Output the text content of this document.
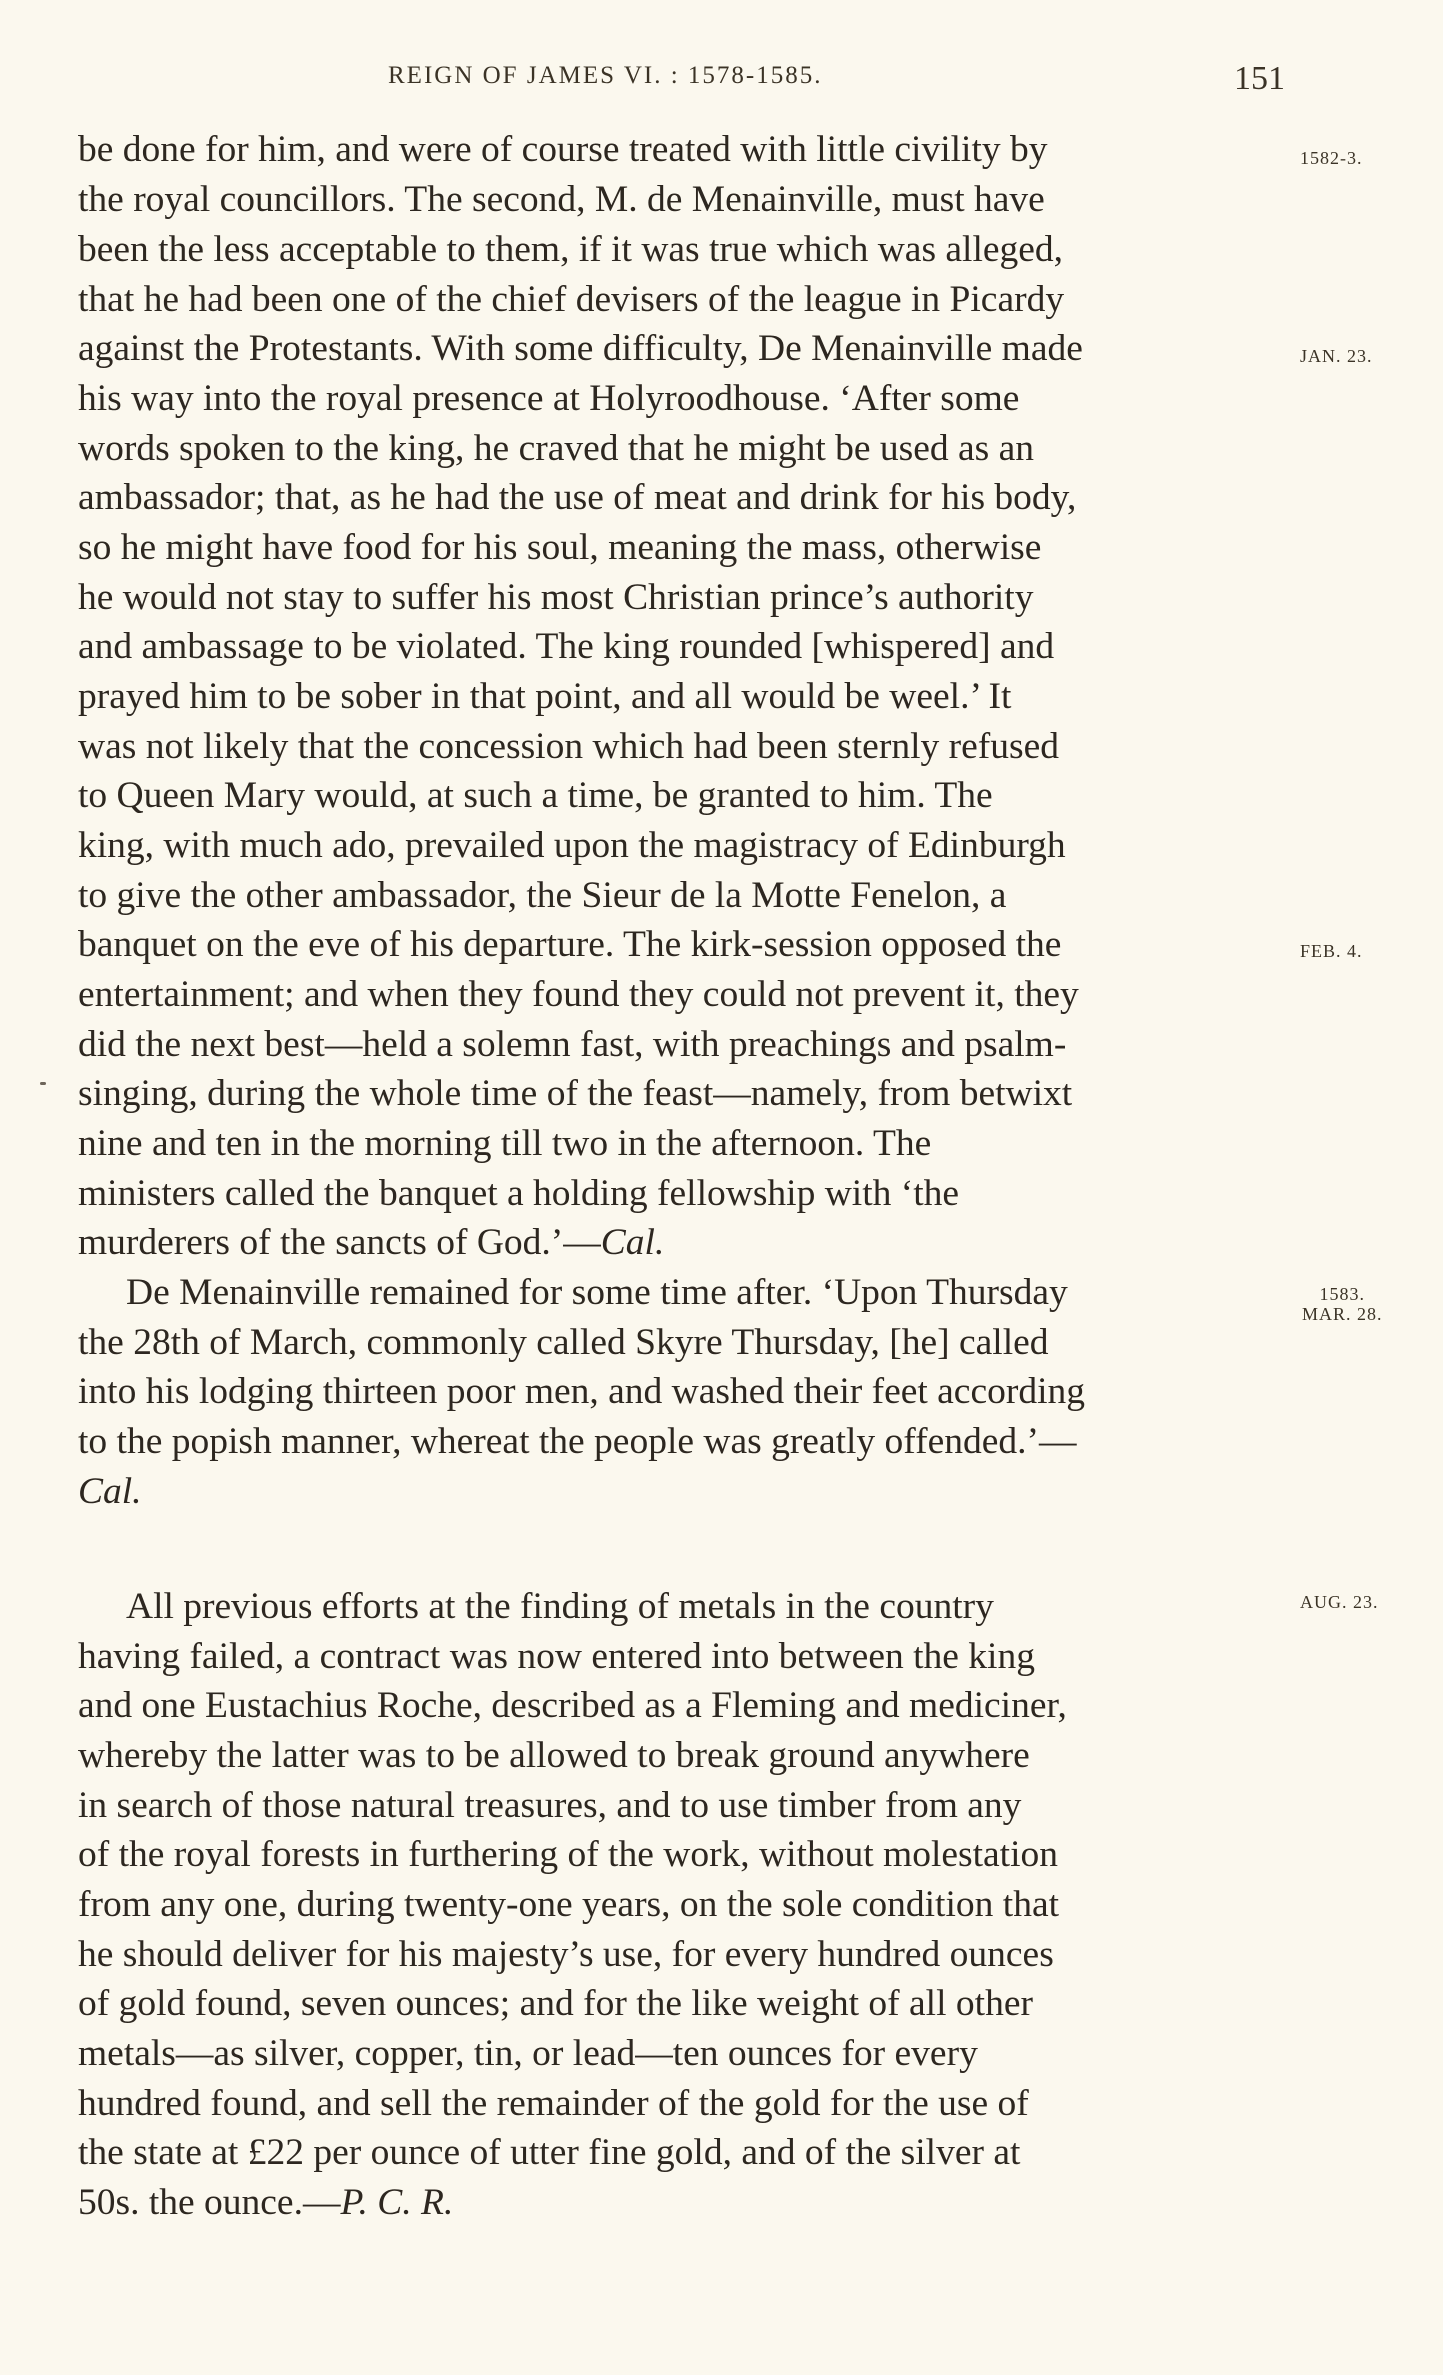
REIGN OF JAMES VI. : 1578-1585.	151
1582-3.
JAN. 23.
FEB. 4.
1583.
MAR. 28.
AUG. 23.
be done for him, and were of course treated with little civility by
the royal councillors. The second, M. de Menainville, must have
been the less acceptable to them, if it was true which was alleged,
that he had been one of the chief devisers of the league in Picardy
against the Protestants. With some difficulty, De Menainville made
his way into the royal presence at Holyroodhouse. ‘After some
words spoken to the king, he craved that he might be used as an
ambassador; that, as he had the use of meat and drink for his body,
so he might have food for his soul, meaning the mass, otherwise
he would not stay to suffer his most Christian prince’s authority
and ambassage to be violated. The king rounded [whispered] and
prayed him to be sober in that point, and all would be weel.’ It
was not likely that the concession which had been sternly refused
to Queen Mary would, at such a time, be granted to him. The
king, with much ado, prevailed upon the magistracy of Edinburgh
to give the other ambassador, the Sieur de la Motte Fenelon, a
banquet on the eve of his departure. The kirk-session opposed the
entertainment; and when they found they could not prevent it, they
did the next best—held a solemn fast, with preachings and psalm-
singing, during the whole time of the feast—namely, from betwixt
nine and ten in the morning till two in the afternoon. The
ministers called the banquet a holding fellowship with ‘the
murderers of the sancts of God.’—Cal.
De Menainville remained for some time after. ‘Upon Thursday
the 28th of March, commonly called Skyre Thursday, [he] called
into his lodging thirteen poor men, and washed their feet according
to the popish manner, whereat the people was greatly offended.’—
Cal.
All previous efforts at the finding of metals in the country
having failed, a contract was now entered into between the king
and one Eustachius Roche, described as a Fleming and mediciner,
whereby the latter was to be allowed to break ground anywhere
in search of those natural treasures, and to use timber from any
of the royal forests in furthering of the work, without molestation
from any one, during twenty-one years, on the sole condition that
he should deliver for his majesty’s use, for every hundred ounces
of gold found, seven ounces; and for the like weight of all other
metals—as silver, copper, tin, or lead—ten ounces for every
hundred found, and sell the remainder of the gold for the use of
the state at £22 per ounce of utter fine gold, and of the silver at
50s. the ounce.—P. C. R.
